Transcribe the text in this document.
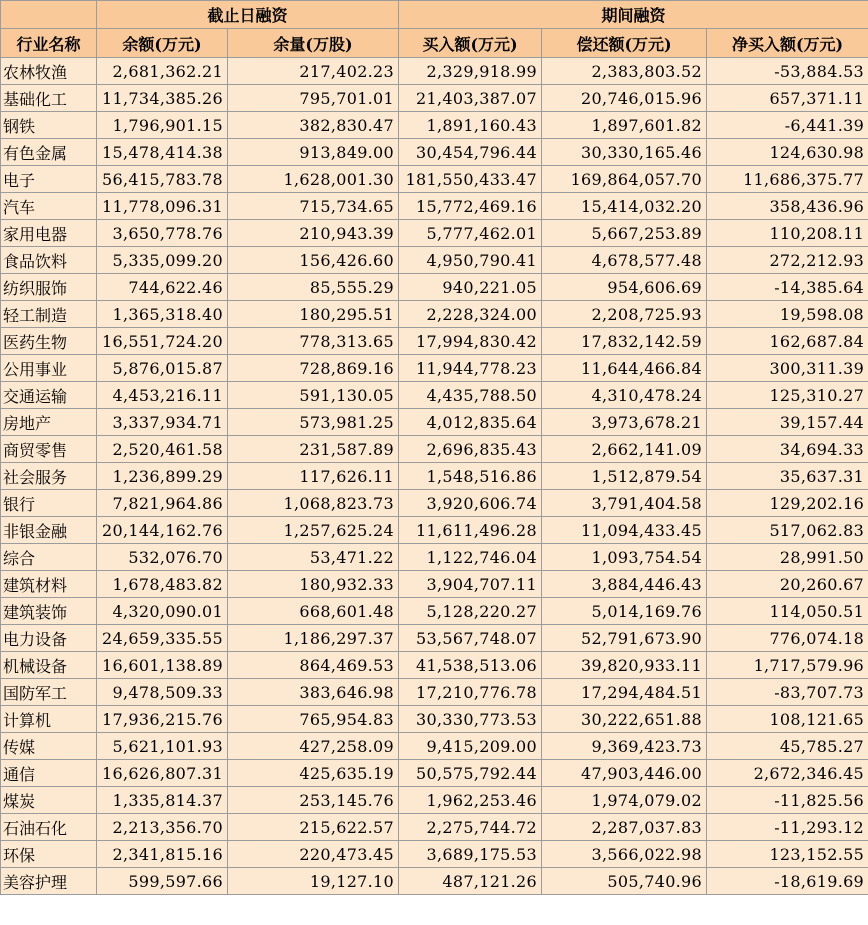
	截止日融资		期间融资		
行业名称	余额(万元)	余量(万股)	买入额(万元)	偿还额(万元)	净买入额(万元)
农林牧渔	2,681,362.21	217,402.23	2,329,918.99	2,383,803.52	-53,884.53
基础化工	11,734,385.26	795,701.01	21,403,387.07	20,746,015.96	657,371.11
钢铁	1,796,901.15	382,830.47	1,891,160.43	1,897,601.82	-6,441.39
有色金属	15,478,414.38	913,849.00	30,454,796.44	30,330,165.46	124,630.98
电子	56,415,783.78	1,628,001.30	181,550,433.47	169,864,057.70	11,686,375.77
汽车	11,778,096.31	715,734.65	15,772,469.16	15,414,032.20	358,436.96
家用电器	3,650,778.76	210,943.39	5,777,462.01	5,667,253.89	110,208.11
食品饮料	5,335,099.20	156,426.60	4,950,790.41	4,678,577.48	272,212.93
纺织服饰	744,622.46	85,555.29	940,221.05	954,606.69	-14,385.64
轻工制造	1,365,318.40	180,295.51	2,228,324.00	2,208,725.93	19,598.08
医药生物	16,551,724.20	778,313.65	17,994,830.42	17,832,142.59	162,687.84
公用事业	5,876,015.87	728,869.16	11,944,778.23	11,644,466.84	300,311.39
交通运输	4,453,216.11	591,130.05	4,435,788.50	4,310,478.24	125,310.27
房地产	3,337,934.71	573,981.25	4,012,835.64	3,973,678.21	39,157.44
商贸零售	2,520,461.58	231,587.89	2,696,835.43	2,662,141.09	34,694.33
社会服务	1,236,899.29	117,626.11	1,548,516.86	1,512,879.54	35,637.31
银行	7,821,964.86	1,068,823.73	3,920,606.74	3,791,404.58	129,202.16
非银金融	20,144,162.76	1,257,625.24	11,611,496.28	11,094,433.45	517,062.83
综合	532,076.70	53,471.22	1,122,746.04	1,093,754.54	28,991.50
建筑材料	1,678,483.82	180,932.33	3,904,707.11	3,884,446.43	20,260.67
建筑装饰	4,320,090.01	668,601.48	5,128,220.27	5,014,169.76	114,050.51
电力设备	24,659,335.55	1,186,297.37	53,567,748.07	52,791,673.90	776,074.18
机械设备	16,601,138.89	864,469.53	41,538,513.06	39,820,933.11	1,717,579.96
国防军工	9,478,509.33	383,646.98	17,210,776.78	17,294,484.51	-83,707.73
计算机	17,936,215.76	765,954.83	30,330,773.53	30,222,651.88	108,121.65
传媒	5,621,101.93	427,258.09	9,415,209.00	9,369,423.73	45,785.27
通信	16,626,807.31	425,635.19	50,575,792.44	47,903,446.00	2,672,346.45
煤炭	1,335,814.37	253,145.76	1,962,253.46	1,974,079.02	-11,825.56
石油石化	2,213,356.70	215,622.57	2,275,744.72	2,287,037.83	-11,293.12
环保	2,341,815.16	220,473.45	3,689,175.53	3,566,022.98	123,152.55
美容护理	599,597.66	19,127.10	487,121.26	505,740.96	-18,619.69
